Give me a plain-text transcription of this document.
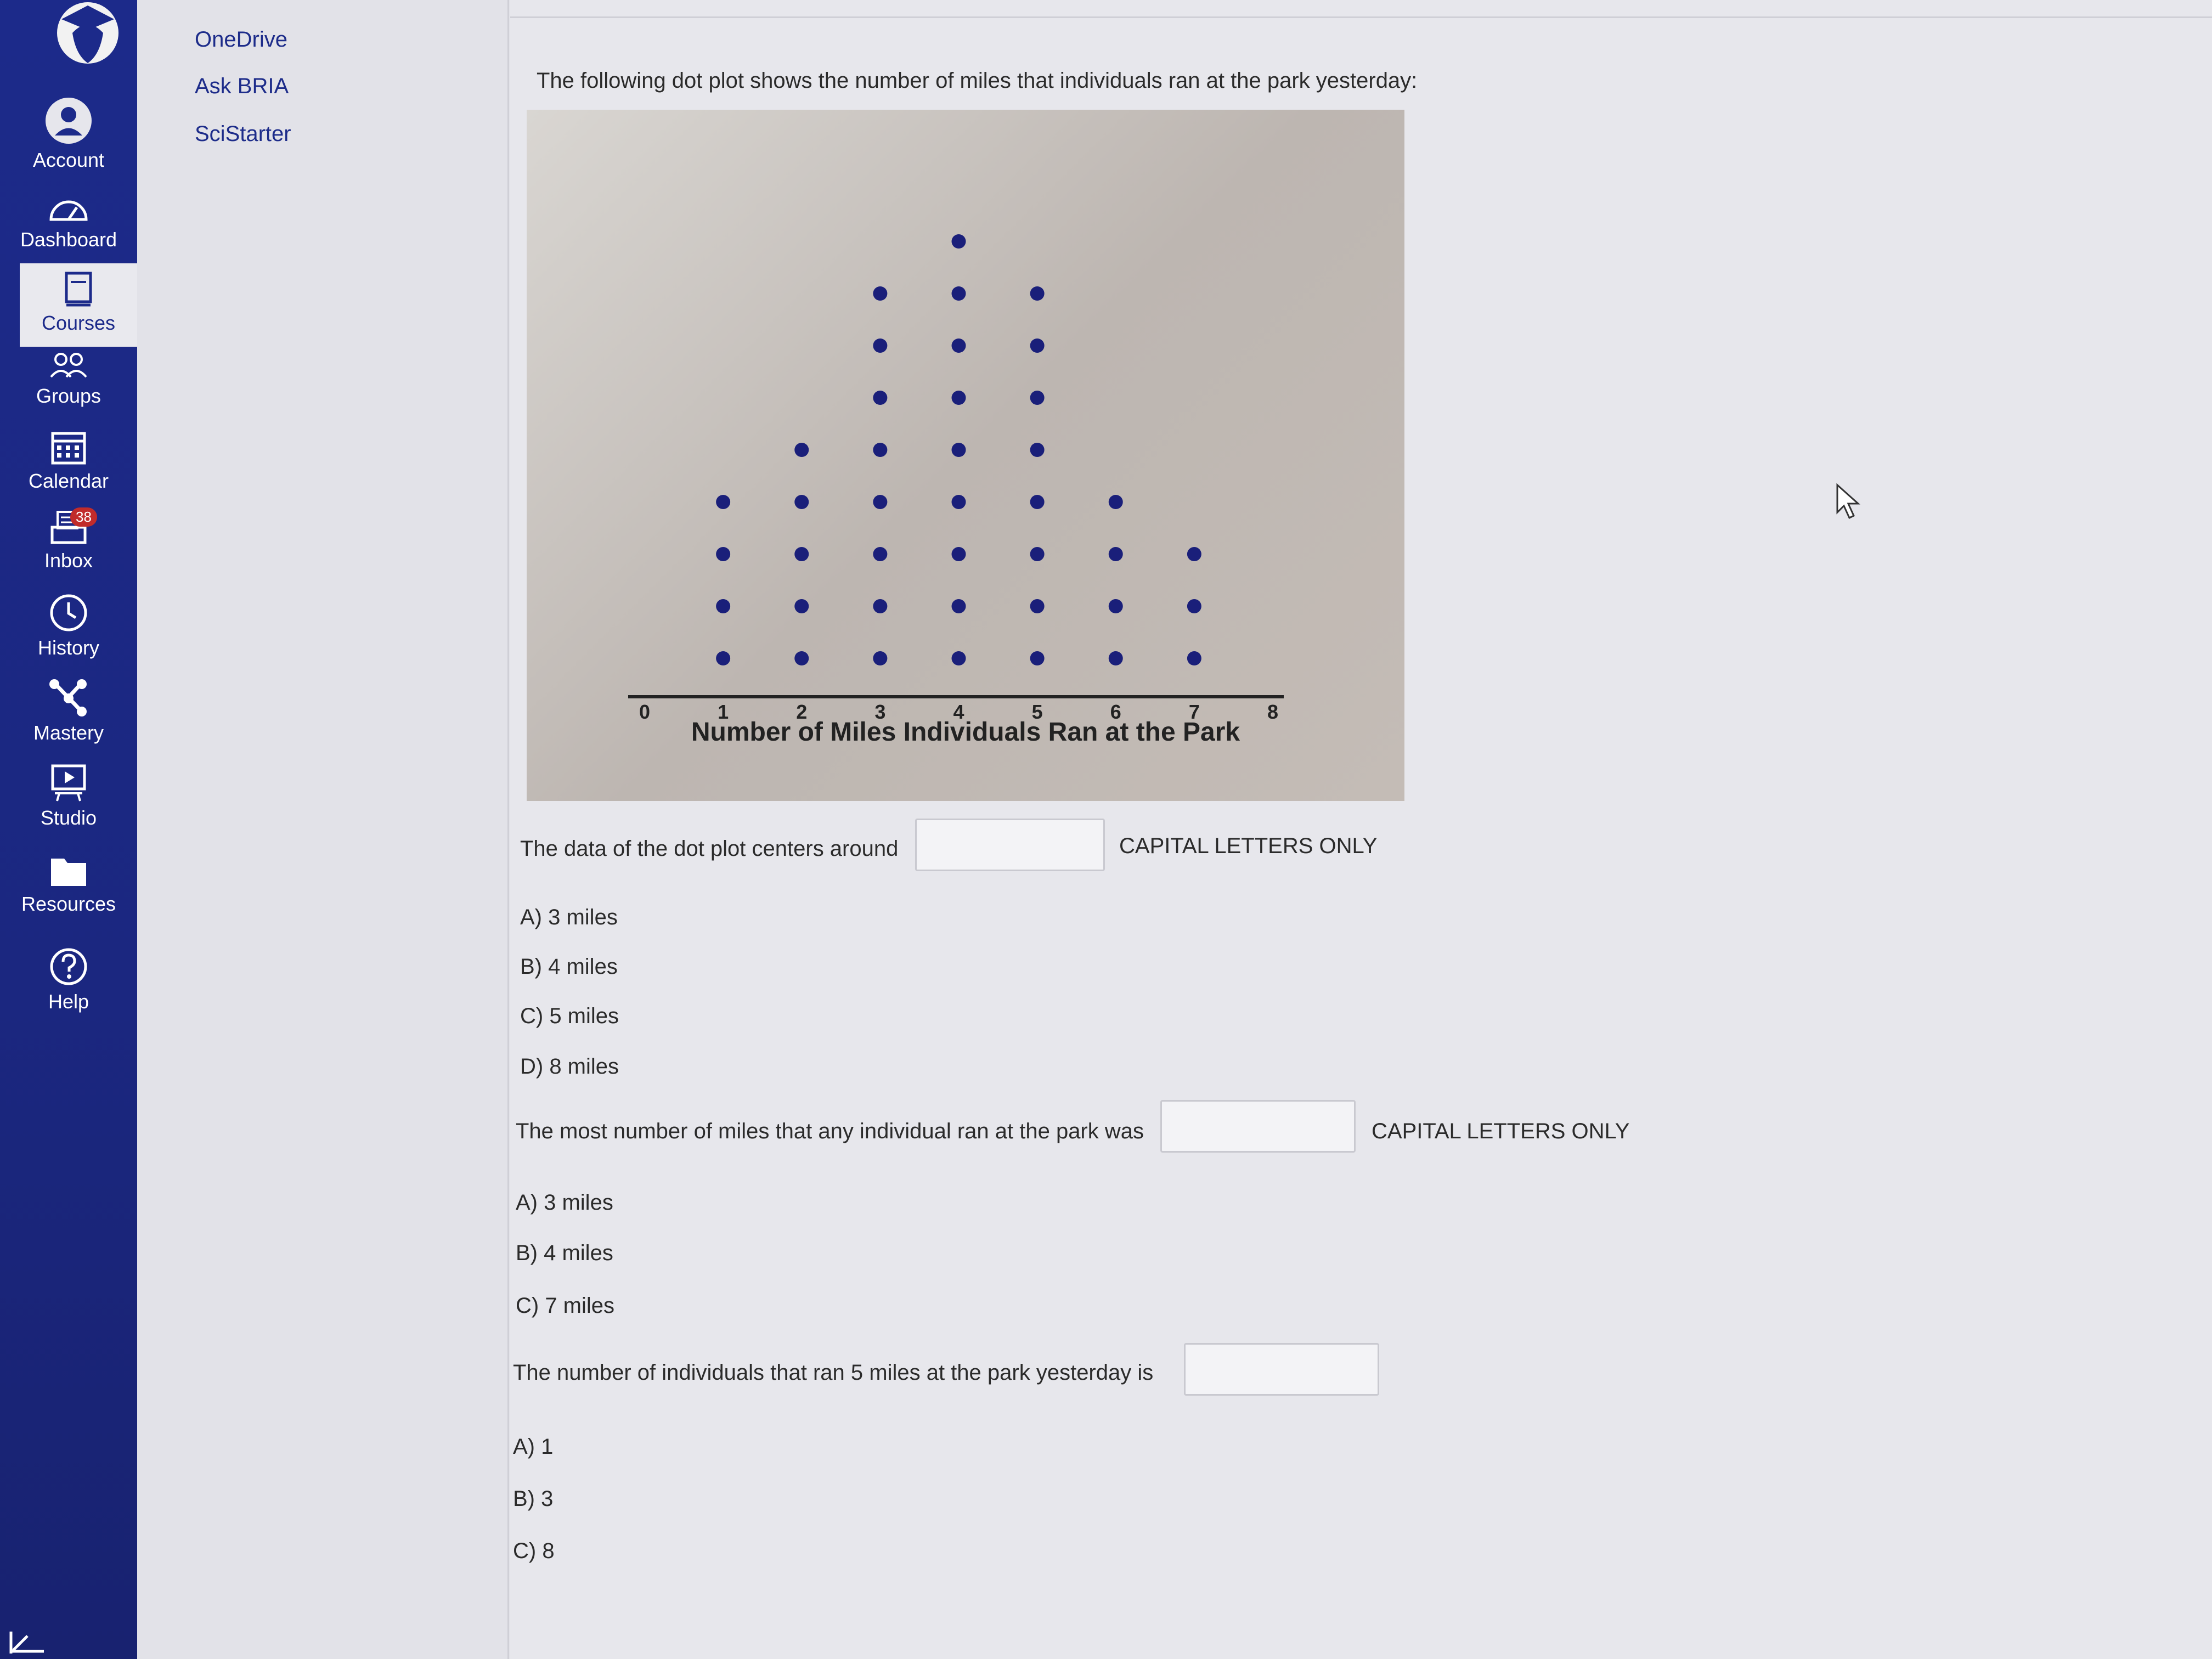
Account
Dashboard
Courses
Groups
Calendar
38
Inbox
History
Mastery
Studio
Resources
Help
OneDrive
Ask BRIA
SciStarter
The following dot plot shows the number of miles that individuals ran at the park yesterday:
0	1	2	3	4	5	6	7	8
Number of Miles Individuals Ran at the Park
The data of the dot plot centers around	CAPITAL LETTERS ONLY
A) 3 miles
B) 4 miles
C) 5 miles
D) 8 miles
The most number of miles that any individual ran at the park was	CAPITAL LETTERS ONLY
A) 3 miles
B) 4 miles
C) 7 miles
The number of individuals that ran 5 miles at the park yesterday is
A) 1
B) 3
C) 8
